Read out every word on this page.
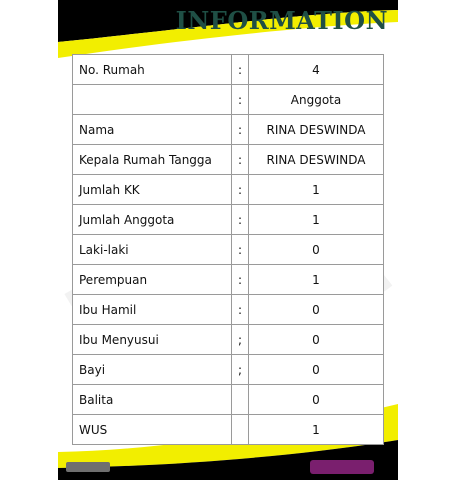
INFORMATION
No. Rumah	:	4
	:	Anggota
Nama	:	RINA DESWINDA
Kepala Rumah Tangga	:	RINA DESWINDA
Jumlah KK	:	1
Jumlah Anggota	:	1
Laki-laki	:	0
Perempuan	:	1
Ibu Hamil	:	0
Ibu Menyusui	;	0
Bayi	;	0
Balita		0
WUS		1
